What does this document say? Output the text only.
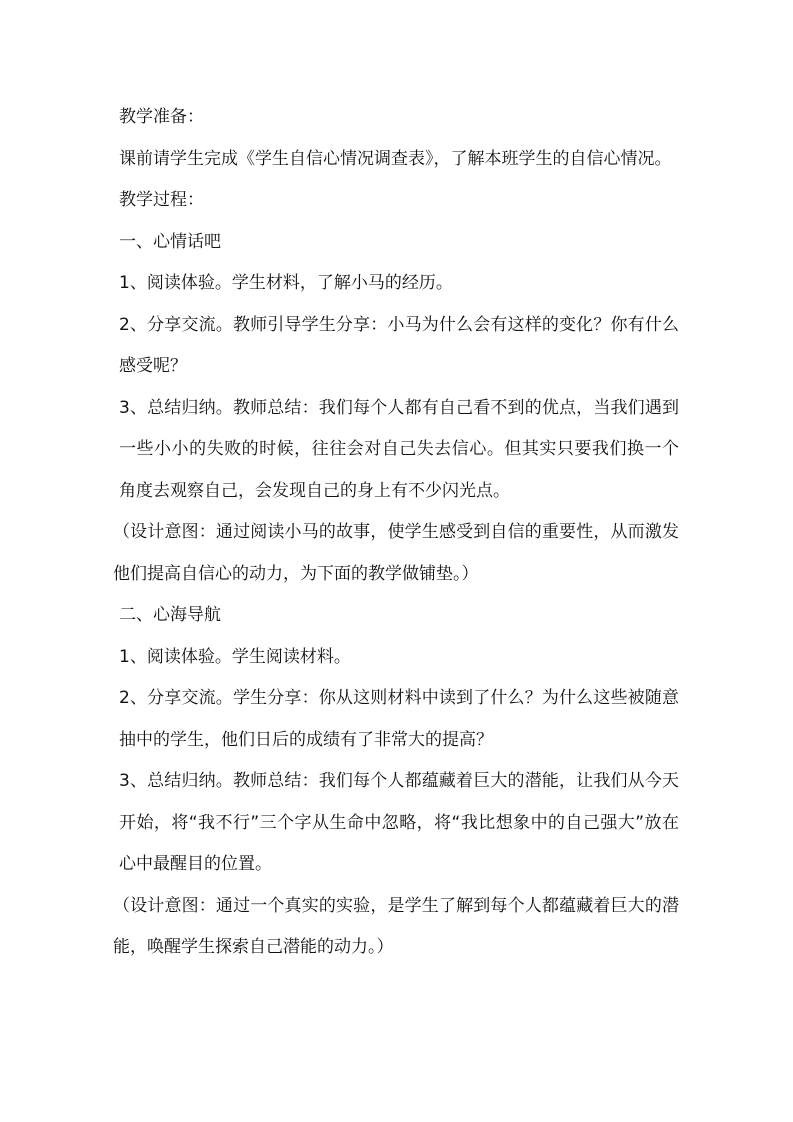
教学准备：

课前请学生完成《学生自信心情况调查表》，了解本班学生的自信心情况。

教学过程：

一、心情话吧

1、阅读体验。学生材料，了解小马的经历。

2、分享交流。教师引导学生分享：小马为什么会有这样的变化？你有什么感受呢？

3、总结归纳。教师总结：我们每个人都有自己看不到的优点，当我们遇到一些小小的失败的时候，往往会对自己失去信心。但其实只要我们换一个角度去观察自己，会发现自己的身上有不少闪光点。

（设计意图：通过阅读小马的故事，使学生感受到自信的重要性，从而激发他们提高自信心的动力，为下面的教学做铺垫。）

二、心海导航

1、阅读体验。学生阅读材料。

2、分享交流。学生分享：你从这则材料中读到了什么？为什么这些被随意抽中的学生，他们日后的成绩有了非常大的提高？

3、总结归纳。教师总结：我们每个人都蕴藏着巨大的潜能，让我们从今天开始，将“我不行”三个字从生命中忽略，将“我比想象中的自己强大”放在心中最醒目的位置。

（设计意图：通过一个真实的实验，是学生了解到每个人都蕴藏着巨大的潜能，唤醒学生探索自己潜能的动力。）
